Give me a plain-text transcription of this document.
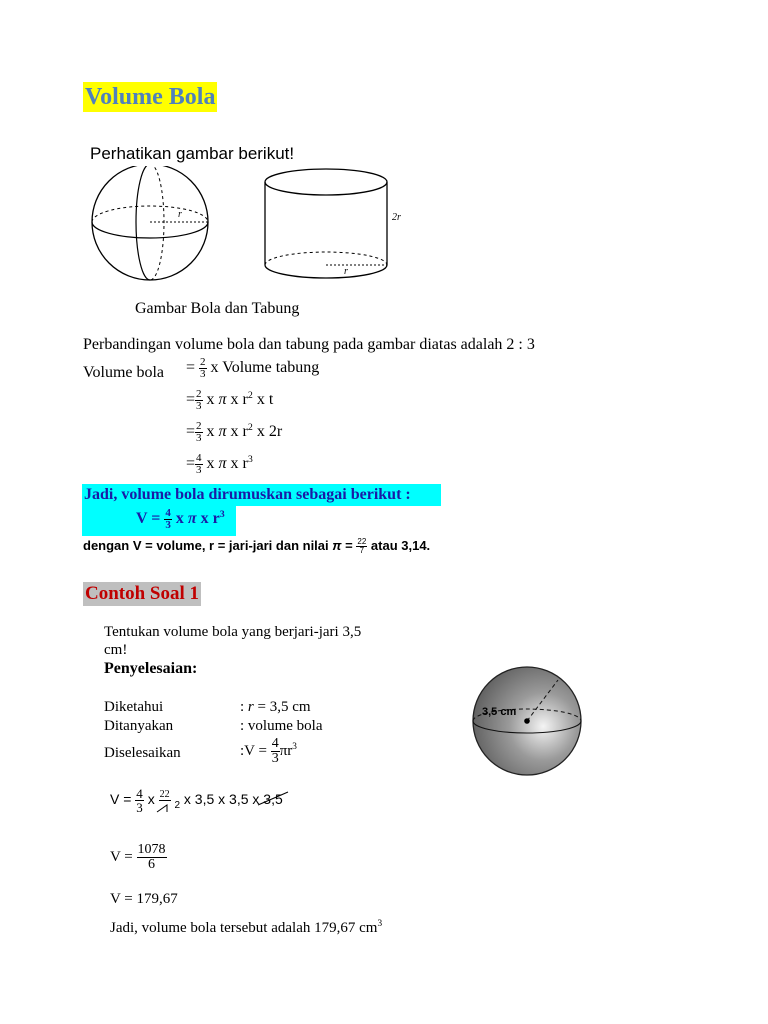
Volume Bola
Perhatikan gambar berikut!
r	2r
r
Gambar Bola dan Tabung
Perbandingan volume bola dan tabung pada gambar diatas adalah 2 : 3
Volume bola = $\frac{2}{3}$ x Volume tabung
= $\frac{2}{3}$ x π x $r^2$ x t
= $\frac{2}{3}$ x π x $r^2$ x 2r
= $\frac{4}{3}$ x π x $r^3$
Jadi, volume bola dirumuskan sebagai berikut :
$V = \frac{4}{3}$ x π x $r^3$
dengan V = volume, r = jari-jari dan nilai $\pi = \frac{22}{7}$ atau 3,14.
Contoh Soal 1
Tentukan volume bola yang berjari-jari 3,5
cm!
Penyelesaian:
Diketahui	: r = 3,5 cm
Ditanyakan	: volume bola
Diselesaikan	:V = $\frac{4}{3} \pi r^3$
3,5 cm
$V = \frac{4}{3}$ x 22
$_2$ x 3,5 x 3,5 x 3,5
$V = \frac{1078}{6}$
V = 179,67
Jadi, volume bola tersebut adalah 179,67 $cm^3$
